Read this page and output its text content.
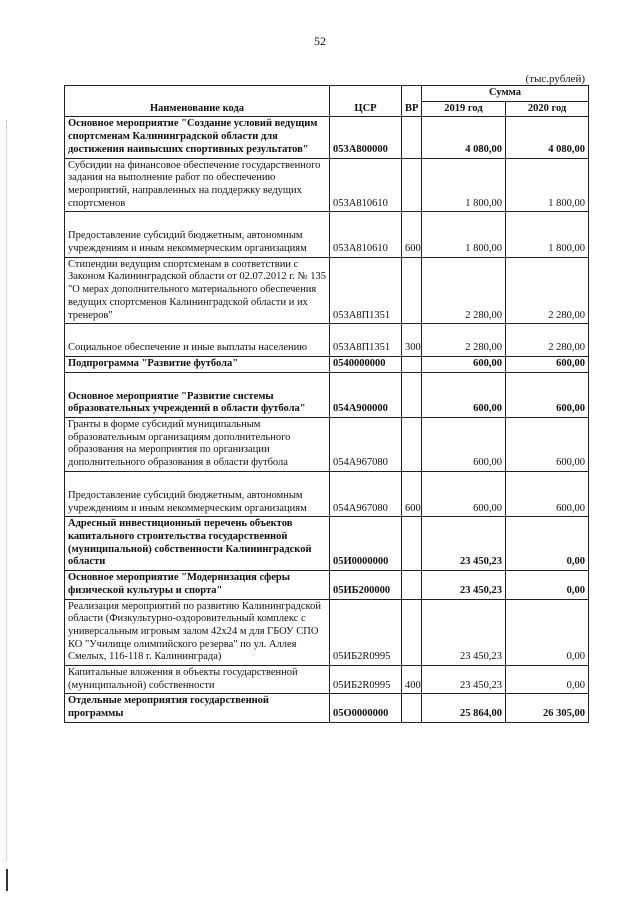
52
(тыс.рублей)
Наименование кода	ЦСР	ВР	Сумма	
			2019 год	2020 год
Основное мероприятие "Создание условий ведущим спортсменам Калининградской области для достижения наивысших спортивных результатов"	053А800000		4 080,00	4 080,00
Субсидии на финансовое обеспечение государственного задания на выполнение работ по обеспечению мероприятий, направленных на поддержку ведущих спортсменов	053А810610		1 800,00	1 800,00
Предоставление субсидий бюджетным, автономным учреждениям и иным некоммерческим организациям	053А810610	600	1 800,00	1 800,00
Стипендии ведущим спортсменам в соответствии с Законом Калининградской области от 02.07.2012 г. № 135 "О мерах дополнительного материального обеспечения ведущих спортсменов Калининградской области и их тренеров"	053А8П1351		2 280,00	2 280,00
Социальное обеспечение и иные выплаты населению	053А8П1351	300	2 280,00	2 280,00
Подпрограмма "Развитие футбола"	0540000000		600,00	600,00
Основное мероприятие "Развитие системы образовательных учреждений в области футбола"	054А900000		600,00	600,00
Гранты в форме субсидий муниципальным образовательным организациям дополнительного образования на мероприятия по организации дополнительного образования в области футбола	054А967080		600,00	600,00
Предоставление субсидий бюджетным, автономным учреждениям и иным некоммерческим организациям	054А967080	600	600,00	600,00
Адресный инвестиционный перечень объектов капитального строительства государственной (муниципальной) собственности Калининградской области	05И0000000		23 450,23	0,00
Основное мероприятие "Модернизация сферы физической культуры и спорта"	05ИБ200000		23 450,23	0,00
Реализация мероприятий по развитию Калининградской области (Физкультурно-оздоровительный комплекс с универсальным игровым залом 42х24 м для ГБОУ СПО КО "Училище олимпийского резерва" по ул. Аллея Смелых, 116-118 г. Калининграда)	05ИБ2R0995		23 450,23	0,00
Капитальные вложения в объекты государственной (муниципальной) собственности	05ИБ2R0995	400	23 450,23	0,00
Отдельные мероприятия государственной программы	05О0000000		25 864,00	26 305,00
